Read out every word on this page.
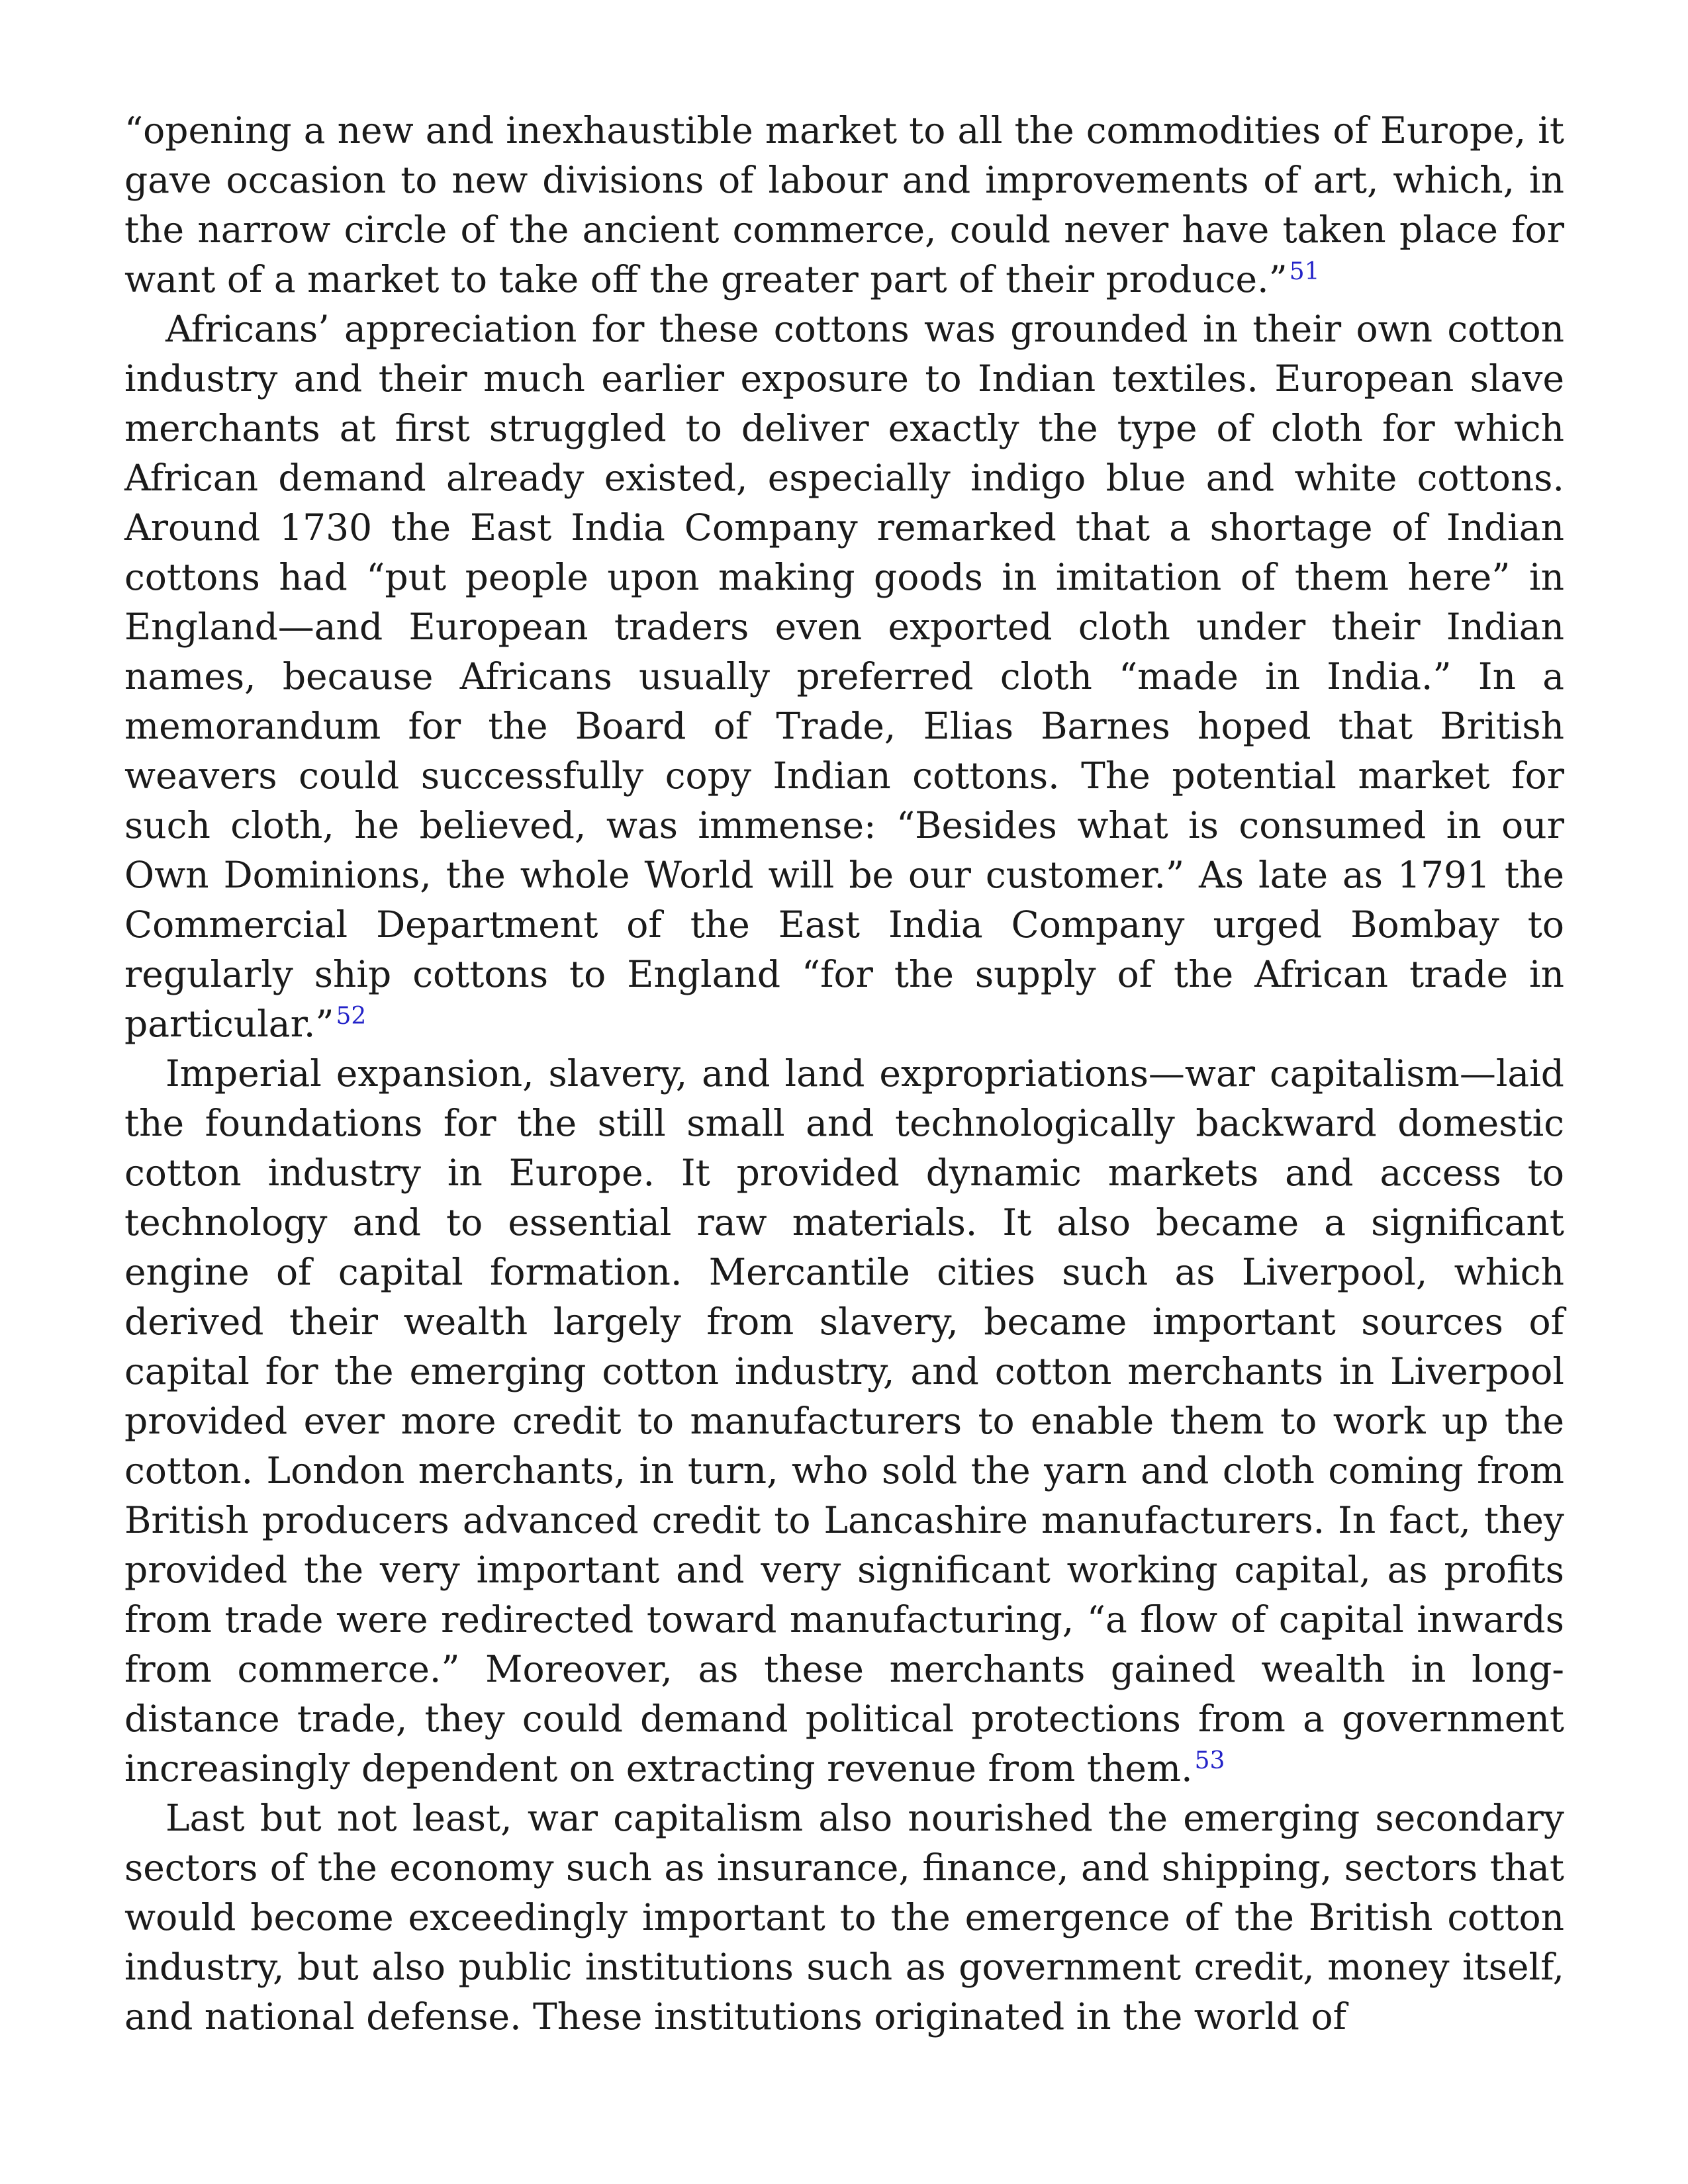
“opening a new and inexhaustible market to all the commodities of Europe, it gave occasion to new divisions of labour and improvements of art, which, in the narrow circle of the ancient commerce, could never have taken place for want of a market to take off the greater part of their produce.”$^{51}$

Africans’ appreciation for these cottons was grounded in their own cotton industry and their much earlier exposure to Indian textiles. European slave merchants at first struggled to deliver exactly the type of cloth for which African demand already existed, especially indigo blue and white cottons. Around 1730 the East India Company remarked that a shortage of Indian cottons had “put people upon making goods in imitation of them here” in England—and European traders even exported cloth under their Indian names, because Africans usually preferred cloth “made in India.” In a memorandum for the Board of Trade, Elias Barnes hoped that British weavers could successfully copy Indian cottons. The potential market for such cloth, he believed, was immense: “Besides what is consumed in our Own Dominions, the whole World will be our customer.” As late as 1791 the Commercial Department of the East India Company urged Bombay to regularly ship cottons to England “for the supply of the African trade in particular.”$^{52}$

Imperial expansion, slavery, and land expropriations—war capitalism—laid the foundations for the still small and technologically backward domestic cotton industry in Europe. It provided dynamic markets and access to technology and to essential raw materials. It also became a significant engine of capital formation. Mercantile cities such as Liverpool, which derived their wealth largely from slavery, became important sources of capital for the emerging cotton industry, and cotton merchants in Liverpool provided ever more credit to manufacturers to enable them to work up the cotton. London merchants, in turn, who sold the yarn and cloth coming from British producers advanced credit to Lancashire manufacturers. In fact, they provided the very important and very significant working capital, as profits from trade were redirected toward manufacturing, “a flow of capital inwards from commerce.” Moreover, as these merchants gained wealth in long-distance trade, they could demand political protections from a government increasingly dependent on extracting revenue from them.$^{53}$

Last but not least, war capitalism also nourished the emerging secondary sectors of the economy such as insurance, finance, and shipping, sectors that would become exceedingly important to the emergence of the British cotton industry, but also public institutions such as government credit, money itself, and national defense. These institutions originated in the world of
